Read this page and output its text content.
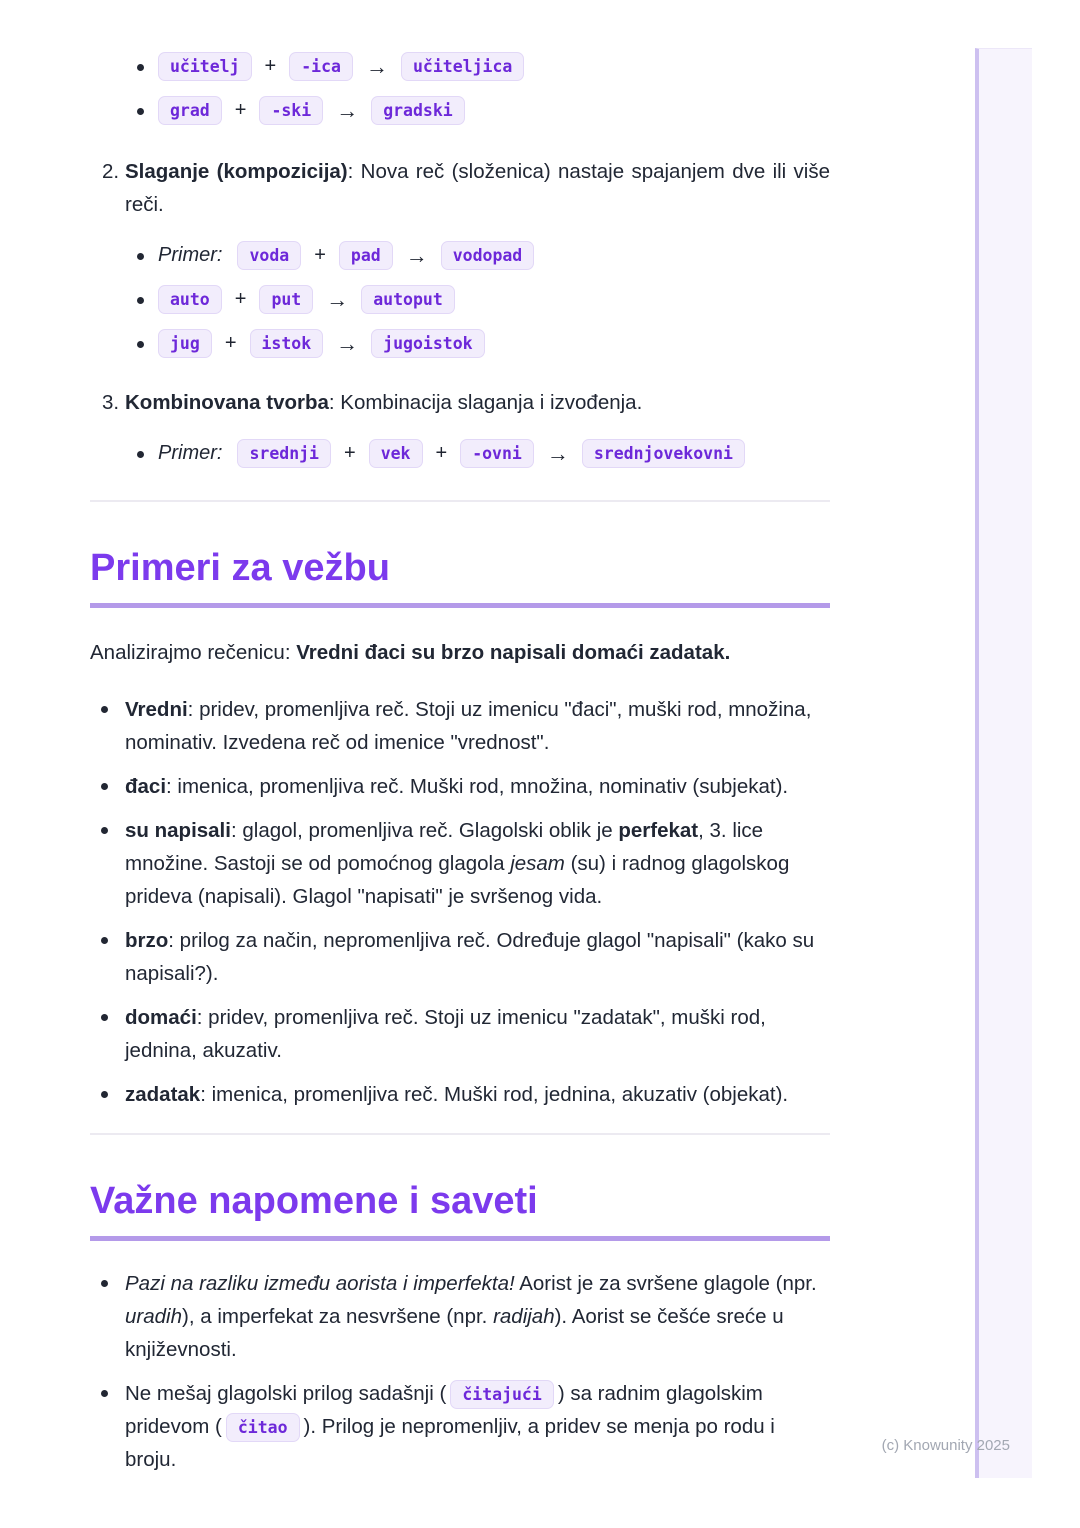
učitelj	+	-ica	→	učiteljica
grad	+	-ski	→	gradski
2. Slaganje (kompozicija): Nova reč (složenica) nastaje spajanjem dve ili više reči.
Primer:	voda	+	pad	→	vodopad
auto	+	put	→	autoput
jug	+	istok	→	jugoistok
3. Kombinovana tvorba: Kombinacija slaganja i izvođenja.
Primer:	srednji	+	vek	+	-ovni	→	srednjovekovni
Primeri za vežbu

Analizirajmo rečenicu: Vredni đaci su brzo napisali domaći zadatak.

Vredni: pridev, promenljiva reč. Stoji uz imenicu "đaci", muški rod, množina, nominativ. Izvedena reč od imenice "vrednost".
đaci: imenica, promenljiva reč. Muški rod, množina, nominativ (subjekat).
su napisali: glagol, promenljiva reč. Glagolski oblik je perfekat, 3. lice množine. Sastoji se od pomoćnog glagola jesam (su) i radnog glagolskog prideva (napisali). Glagol "napisati" je svršenog vida.
brzo: prilog za način, nepromenljiva reč. Određuje glagol "napisali" (kako su napisali?).
domaći: pridev, promenljiva reč. Stoji uz imenicu "zadatak", muški rod, jednina, akuzativ.
zadatak: imenica, promenljiva reč. Muški rod, jednina, akuzativ (objekat).
Važne napomene i saveti
Pazi na razliku između aorista i imperfekta! Aorist je za svršene glagole (npr. uradih), a imperfekat za nesvršene (npr. radijah). Aorist se češće sreće u književnosti.
Ne mešaj glagolski prilog sadašnji ( čitajući ) sa radnim glagolskim pridevom ( čitao ). Prilog je nepromenljiv, a pridev se menja po rodu i broju.
(c) Knowunity 2025
